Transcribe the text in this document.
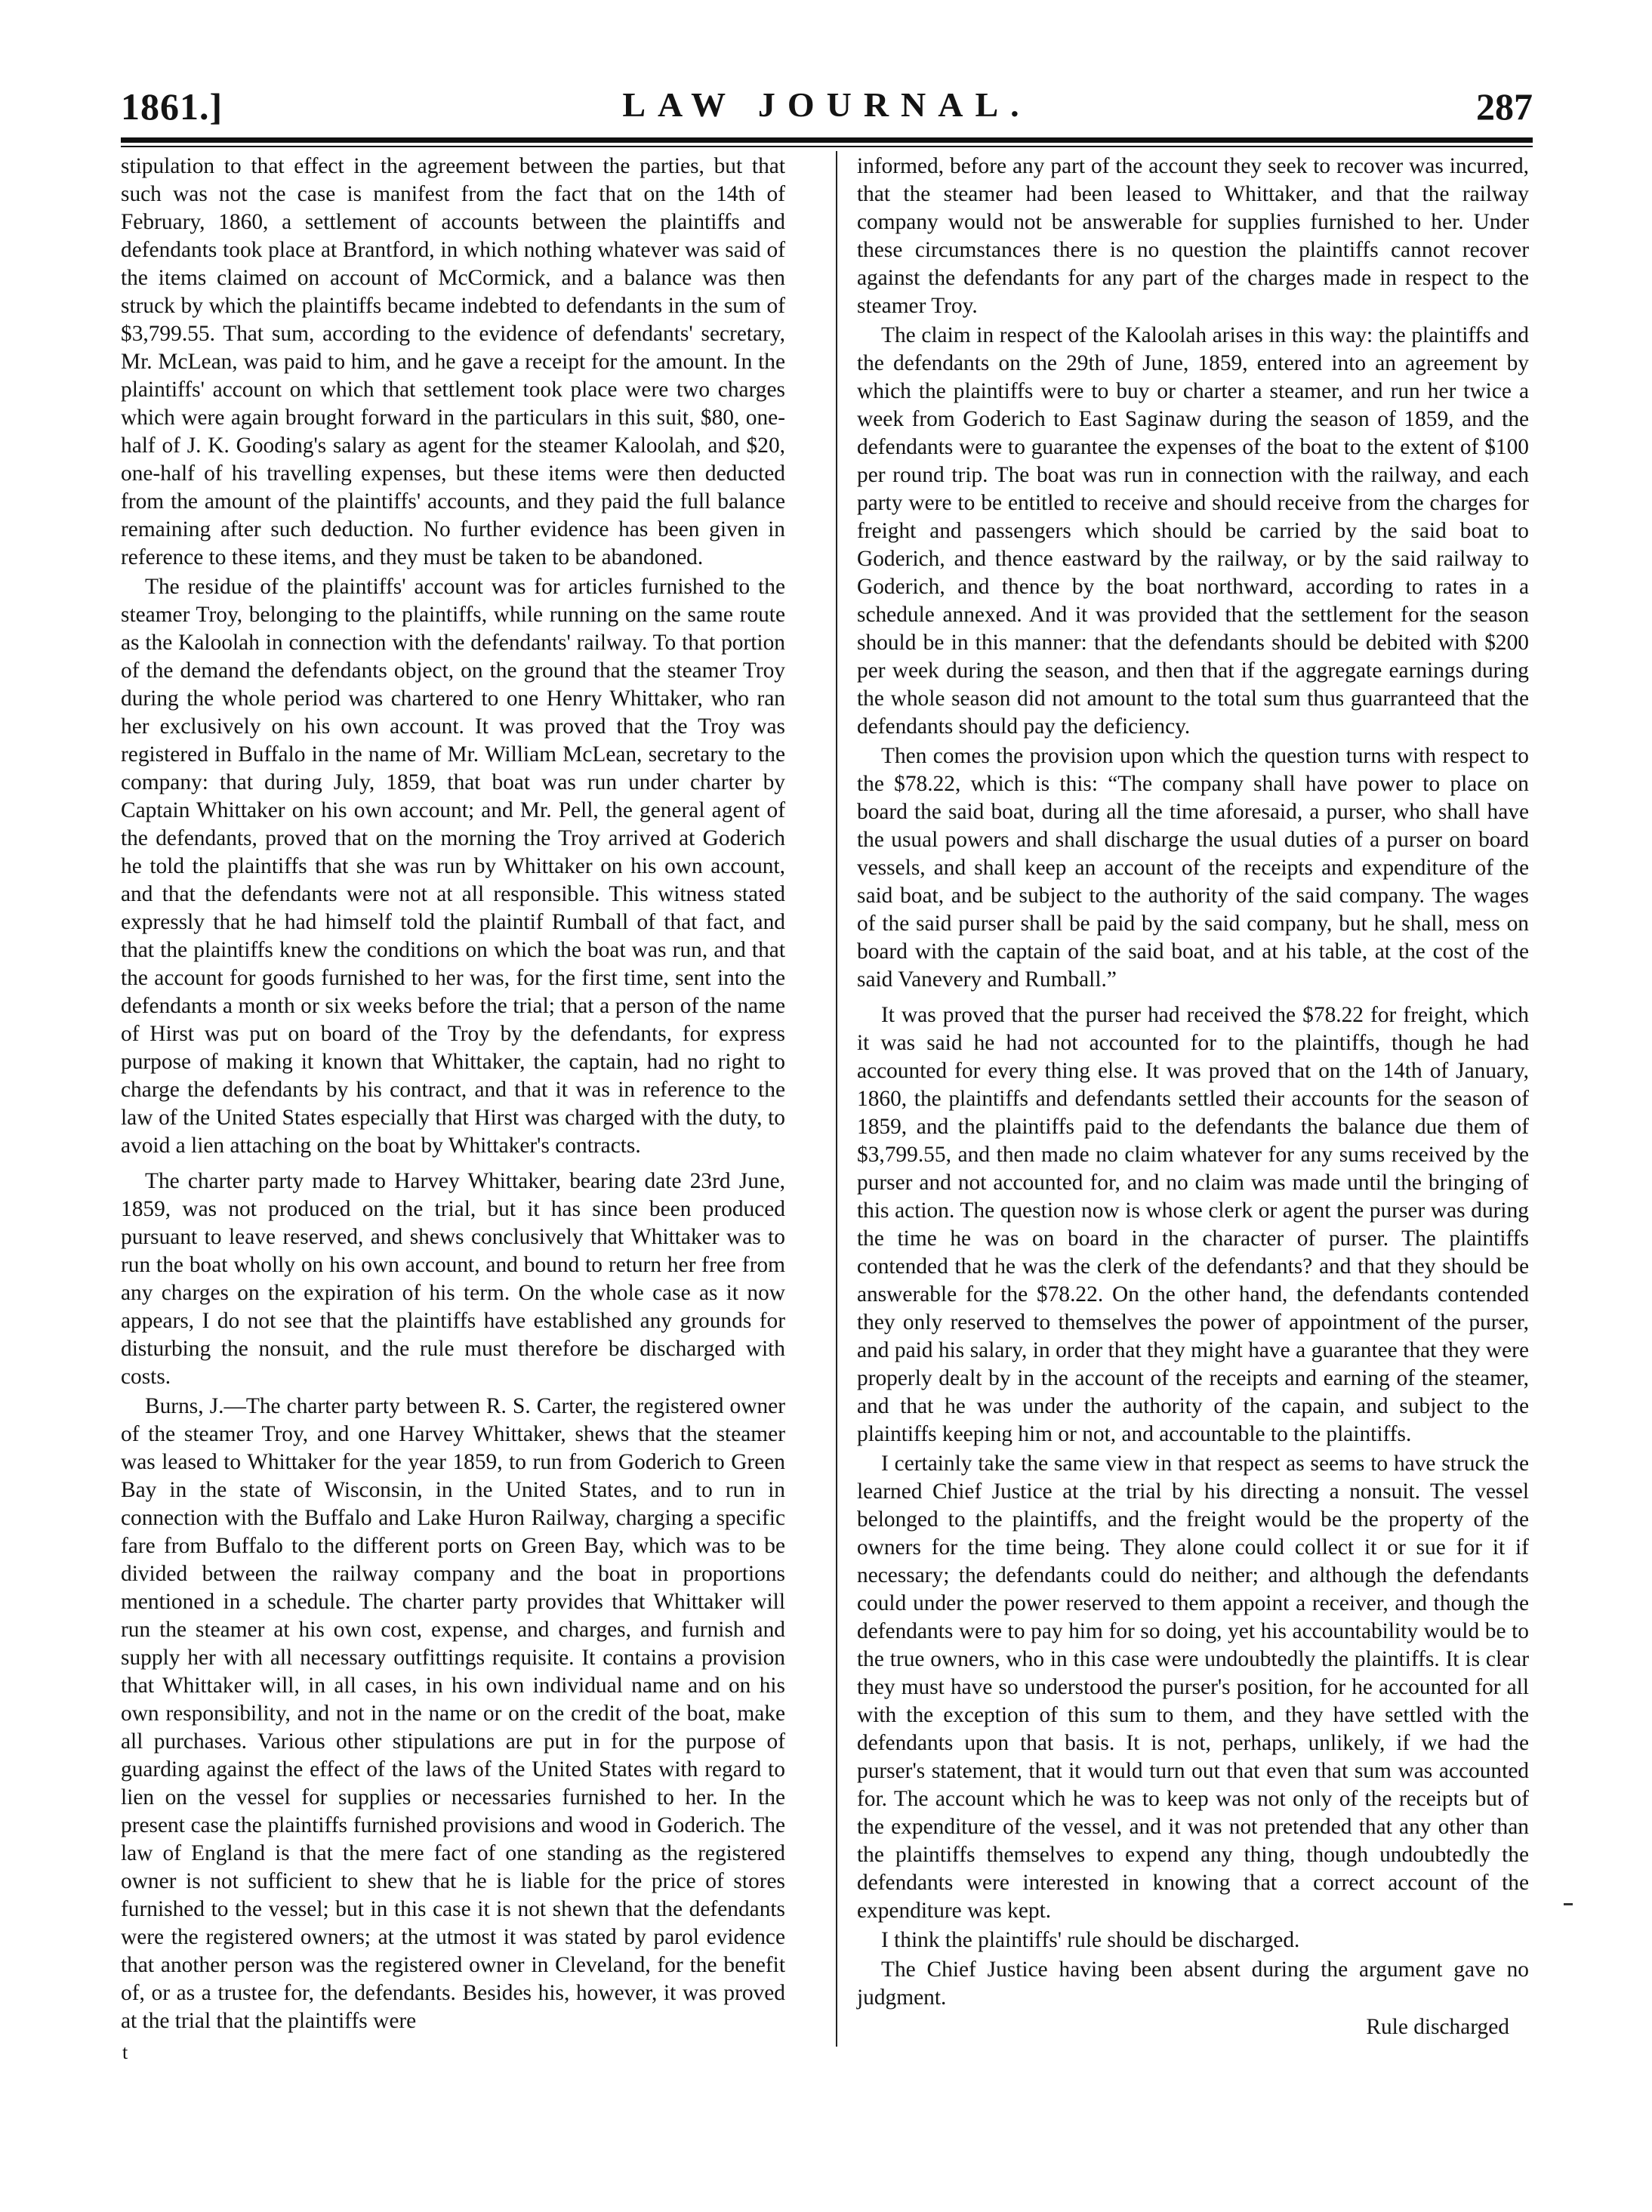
1861.]	LAW JOURNAL.	287

stipulation to that effect in the agreement between the parties, but that such was not the case is manifest from the fact that on the 14th of February, 1860, a settlement of accounts between the plaintiffs and defendants took place at Brantford, in which nothing whatever was said of the items claimed on account of McCormick, and a balance was then struck by which the plaintiffs became indebted to defendants in the sum of $3,799.55. That sum, according to the evidence of defendants' secretary, Mr. McLean, was paid to him, and he gave a receipt for the amount. In the plaintiffs' account on which that settlement took place were two charges which were again brought forward in the particulars in this suit, $80, one-half of J. K. Gooding's salary as agent for the steamer Kaloolah, and $20, one-half of his travelling expenses, but these items were then deducted from the amount of the plaintiffs' accounts, and they paid the full balance remaining after such deduction. No further evidence has been given in reference to these items, and they must be taken to be abandoned.

The residue of the plaintiffs' account was for articles furnished to the steamer Troy, belonging to the plaintiffs, while running on the same route as the Kaloolah in connection with the defendants' railway. To that portion of the demand the defendants object, on the ground that the steamer Troy during the whole period was chartered to one Henry Whittaker, who ran her exclusively on his own account. It was proved that the Troy was registered in Buffalo in the name of Mr. William McLean, secretary to the company: that during July, 1859, that boat was run under charter by Captain Whittaker on his own account; and Mr. Pell, the general agent of the defendants, proved that on the morning the Troy arrived at Goderich he told the plaintiffs that she was run by Whittaker on his own account, and that the defendants were not at all responsible. This witness stated expressly that he had himself told the plaintif Rumball of that fact, and that the plaintiffs knew the conditions on which the boat was run, and that the account for goods furnished to her was, for the first time, sent into the defendants a month or six weeks before the trial; that a person of the name of Hirst was put on board of the Troy by the defendants, for express purpose of making it known that Whittaker, the captain, had no right to charge the defendants by his contract, and that it was in reference to the law of the United States especially that Hirst was charged with the duty, to avoid a lien attaching on the boat by Whittaker's contracts.

The charter party made to Harvey Whittaker, bearing date 23rd June, 1859, was not produced on the trial, but it has since been produced pursuant to leave reserved, and shews conclusively that Whittaker was to run the boat wholly on his own account, and bound to return her free from any charges on the expiration of his term. On the whole case as it now appears, I do not see that the plaintiffs have established any grounds for disturbing the nonsuit, and the rule must therefore be discharged with costs.

Burns, J.—The charter party between R. S. Carter, the registered owner of the steamer Troy, and one Harvey Whittaker, shews that the steamer was leased to Whittaker for the year 1859, to run from Goderich to Green Bay in the state of Wisconsin, in the United States, and to run in connection with the Buffalo and Lake Huron Railway, charging a specific fare from Buffalo to the different ports on Green Bay, which was to be divided between the railway company and the boat in proportions mentioned in a schedule. The charter party provides that Whittaker will run the steamer at his own cost, expense, and charges, and furnish and supply her with all necessary outfittings requisite. It contains a provision that Whittaker will, in all cases, in his own individual name and on his own responsibility, and not in the name or on the credit of the boat, make all purchases. Various other stipulations are put in for the purpose of guarding against the effect of the laws of the United States with regard to lien on the vessel for supplies or necessaries furnished to her. In the present case the plaintiffs furnished provisions and wood in Goderich. The law of England is that the mere fact of one standing as the registered owner is not sufficient to shew that he is liable for the price of stores furnished to the vessel; but in this case it is not shewn that the defendants were the registered owners; at the utmost it was stated by parol evidence that another person was the registered owner in Cleveland, for the benefit of, or as a trustee for, the defendants. Besides his, however, it was proved at the trial that the plaintiffs were

informed, before any part of the account they seek to recover was incurred, that the steamer had been leased to Whittaker, and that the railway company would not be answerable for supplies furnished to her. Under these circumstances there is no question the plaintiffs cannot recover against the defendants for any part of the charges made in respect to the steamer Troy.

The claim in respect of the Kaloolah arises in this way: the plaintiffs and the defendants on the 29th of June, 1859, entered into an agreement by which the plaintiffs were to buy or charter a steamer, and run her twice a week from Goderich to East Saginaw during the season of 1859, and the defendants were to guarantee the expenses of the boat to the extent of $100 per round trip. The boat was run in connection with the railway, and each party were to be entitled to receive and should receive from the charges for freight and passengers which should be carried by the said boat to Goderich, and thence eastward by the railway, or by the said railway to Goderich, and thence by the boat northward, according to rates in a schedule annexed. And it was provided that the settlement for the season should be in this manner: that the defendants should be debited with $200 per week during the season, and then that if the aggregate earnings during the whole season did not amount to the total sum thus guarranteed that the defendants should pay the deficiency.

Then comes the provision upon which the question turns with respect to the $78.22, which is this: “The company shall have power to place on board the said boat, during all the time aforesaid, a purser, who shall have the usual powers and shall discharge the usual duties of a purser on board vessels, and shall keep an account of the receipts and expenditure of the said boat, and be subject to the authority of the said company. The wages of the said purser shall be paid by the said company, but he shall, mess on board with the captain of the said boat, and at his table, at the cost of the said Vanevery and Rumball.”

It was proved that the purser had received the $78.22 for freight, which it was said he had not accounted for to the plaintiffs, though he had accounted for every thing else. It was proved that on the 14th of January, 1860, the plaintiffs and defendants settled their accounts for the season of 1859, and the plaintiffs paid to the defendants the balance due them of $3,799.55, and then made no claim whatever for any sums received by the purser and not accounted for, and no claim was made until the bringing of this action. The question now is whose clerk or agent the purser was during the time he was on board in the character of purser. The plaintiffs contended that he was the clerk of the defendants? and that they should be answerable for the $78.22. On the other hand, the defendants contended they only reserved to themselves the power of appointment of the purser, and paid his salary, in order that they might have a guarantee that they were properly dealt by in the account of the receipts and earning of the steamer, and that he was under the authority of the capain, and subject to the plaintiffs keeping him or not, and accountable to the plaintiffs.

I certainly take the same view in that respect as seems to have struck the learned Chief Justice at the trial by his directing a nonsuit. The vessel belonged to the plaintiffs, and the freight would be the property of the owners for the time being. They alone could collect it or sue for it if necessary; the defendants could do neither; and although the defendants could under the power reserved to them appoint a receiver, and though the defendants were to pay him for so doing, yet his accountability would be to the true owners, who in this case were undoubtedly the plaintiffs. It is clear they must have so understood the purser's position, for he accounted for all with the exception of this sum to them, and they have settled with the defendants upon that basis. It is not, perhaps, unlikely, if we had the purser's statement, that it would turn out that even that sum was accounted for. The account which he was to keep was not only of the receipts but of the expenditure of the vessel, and it was not pretended that any other than the plaintiffs themselves to expend any thing, though undoubtedly the defendants were interested in knowing that a correct account of the expenditure was kept.

I think the plaintiffs' rule should be discharged.

The Chief Justice having been absent during the argument gave no judgment.

Rule discharged

t
